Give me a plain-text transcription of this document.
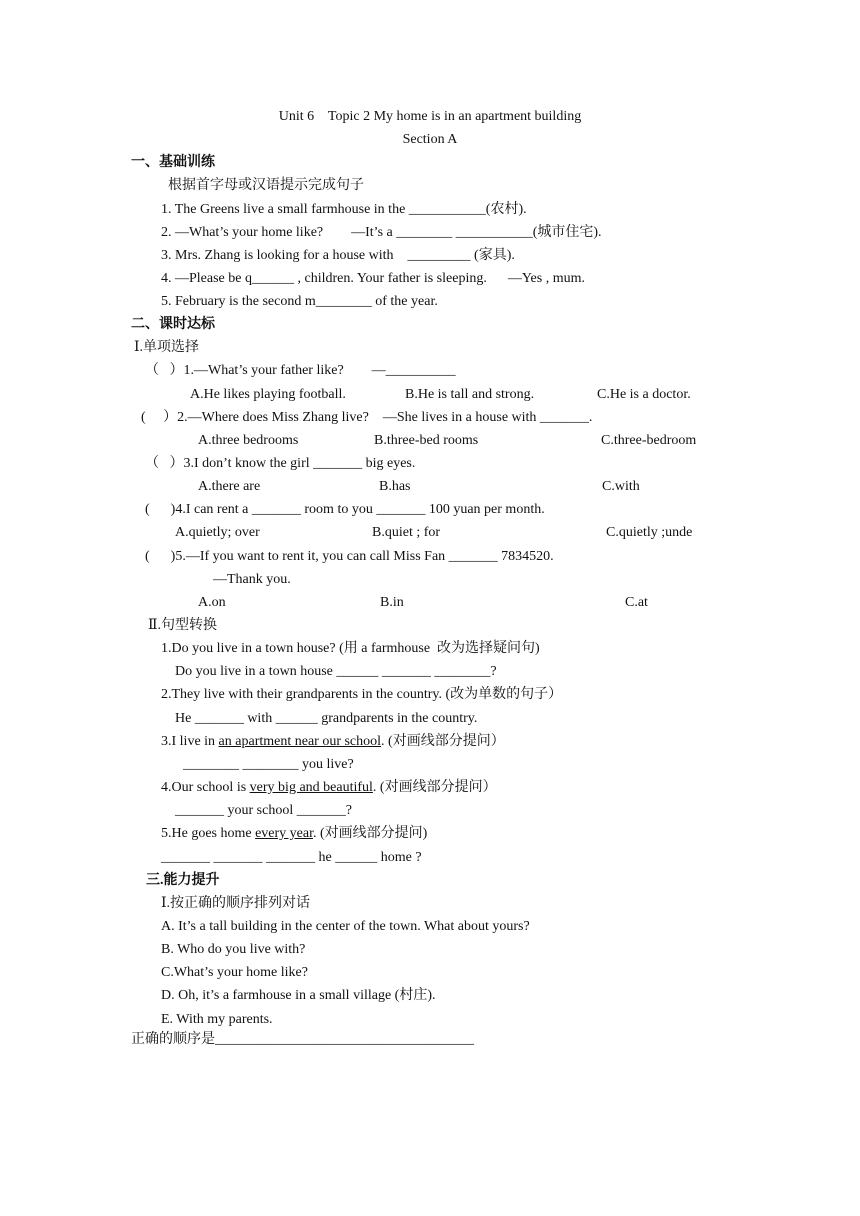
Unit 6    Topic 2 My home is in an apartment building
Section A
一、基础训练
根据首字母或汉语提示完成句子
1. The Greens live a small farmhouse in the ___________(农村).
2. —What’s your home like?        —It’s a ________ ___________(城市住宅).
3. Mrs. Zhang is looking for a house with    _________ (家具).
4. —Please be q______ , children. Your father is sleeping.      —Yes , mum.
5. February is the second m________ of the year.
二、课时达标
Ⅰ.单项选择
（   ）1.—What’s your father like?        —__________
A.He likes playing football.	B.He is tall and strong.	C.He is a doctor.
(     ）2.—Where does Miss Zhang live?    —She lives in a house with _______.
A.three bedrooms	B.three-bed rooms	C.three-bedroom
（   ）3.I don’t know the girl _______ big eyes.
A.there are	B.has	C.with
(      )4.I can rent a _______ room to you _______ 100 yuan per month.
A.quietly; over	B.quiet ; for	C.quietly ;unde
(      )5.—If you want to rent it, you can call Miss Fan _______ 7834520.
—Thank you.
A.on	B.in	C.at
Ⅱ.句型转换
1.Do you live in a town house? (用 a farmhouse  改为选择疑问句)
Do you live in a town house ______ _______ ________?
2.They live with their grandparents in the country. (改为单数的句子）
He _______ with ______ grandparents in the country.
3.I live in an apartment near our school. (对画线部分提问）
________ ________ you live?
4.Our school is very big and beautiful. (对画线部分提问）
_______ your school _______?
5.He goes home every year. (对画线部分提问)
_______ _______ _______ he ______ home ?
三.能力提升
Ⅰ.按正确的顺序排列对话
A. It’s a tall building in the center of the town. What about yours?
B. Who do you live with?
C.What’s your home like?
D. Oh, it’s a farmhouse in a small village (村庄).
E. With my parents.
正确的顺序是_____________________________________
